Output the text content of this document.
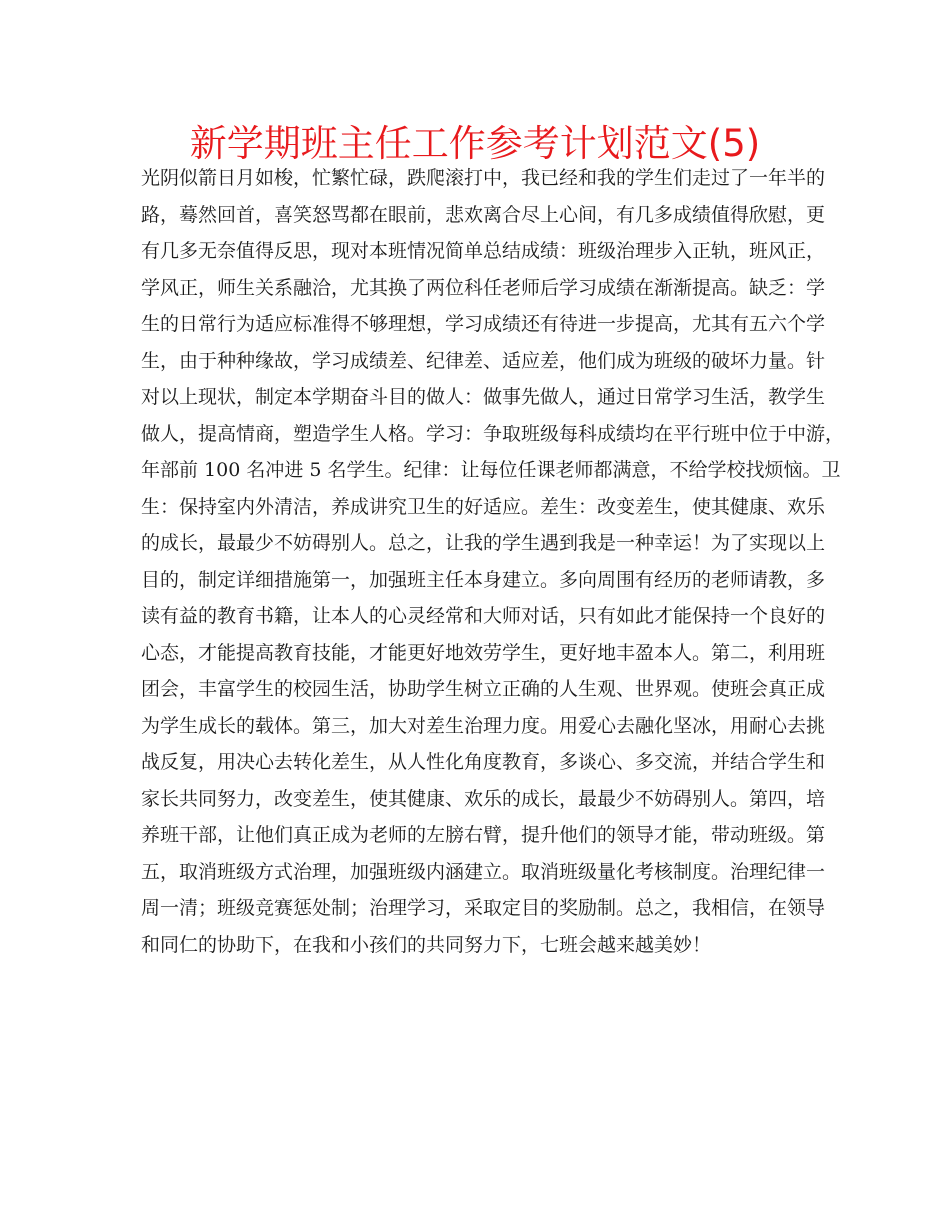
新学期班主任工作参考计划范文(5)
光阴似箭日月如梭，忙繁忙碌，跌爬滚打中，我已经和我的学生们走过了一年半的
路，蓦然回首，喜笑怒骂都在眼前，悲欢离合尽上心间，有几多成绩值得欣慰，更
有几多无奈值得反思，现对本班情况简单总结成绩：班级治理步入正轨，班风正，
学风正，师生关系融洽，尤其换了两位科任老师后学习成绩在渐渐提高。缺乏：学
生的日常行为适应标准得不够理想，学习成绩还有待进一步提高，尤其有五六个学
生，由于种种缘故，学习成绩差、纪律差、适应差，他们成为班级的破坏力量。针
对以上现状，制定本学期奋斗目的做人：做事先做人，通过日常学习生活，教学生
做人，提高情商，塑造学生人格。学习：争取班级每科成绩均在平行班中位于中游，
年部前 100 名冲进 5 名学生。纪律：让每位任课老师都满意，不给学校找烦恼。卫
生：保持室内外清洁，养成讲究卫生的好适应。差生：改变差生，使其健康、欢乐
的成长，最最少不妨碍别人。总之，让我的学生遇到我是一种幸运！为了实现以上
目的，制定详细措施第一，加强班主任本身建立。多向周围有经历的老师请教，多
读有益的教育书籍，让本人的心灵经常和大师对话，只有如此才能保持一个良好的
心态，才能提高教育技能，才能更好地效劳学生，更好地丰盈本人。第二，利用班
团会，丰富学生的校园生活，协助学生树立正确的人生观、世界观。使班会真正成
为学生成长的载体。第三，加大对差生治理力度。用爱心去融化坚冰，用耐心去挑
战反复，用决心去转化差生，从人性化角度教育，多谈心、多交流，并结合学生和
家长共同努力，改变差生，使其健康、欢乐的成长，最最少不妨碍别人。第四，培
养班干部，让他们真正成为老师的左膀右臂，提升他们的领导才能，带动班级。第
五，取消班级方式治理，加强班级内涵建立。取消班级量化考核制度。治理纪律一
周一清；班级竞赛惩处制；治理学习，采取定目的奖励制。总之，我相信，在领导
和同仁的协助下，在我和小孩们的共同努力下，七班会越来越美妙！
